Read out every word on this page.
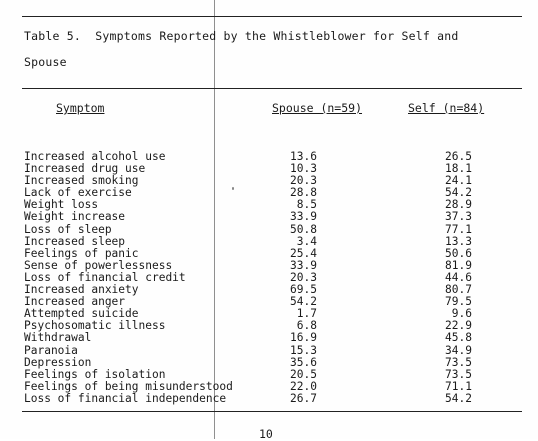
Table 5.  Symptoms Reported by the Whistleblower for Self and
Spouse
Symptom	Spouse (n=59)	Self (n=84)
Increased alcohol use	13.6	26.5
Increased drug use	10.3	18.1
Increased smoking	20.3	24.1
Lack of exercise	28.8	54.2
Weight loss	8.5	28.9
Weight increase	33.9	37.3
Loss of sleep	50.8	77.1
Increased sleep	3.4	13.3
Feelings of panic	25.4	50.6
Sense of powerlessness	33.9	81.9
Loss of financial credit	20.3	44.6
Increased anxiety	69.5	80.7
Increased anger	54.2	79.5
Attempted suicide	1.7	9.6
Psychosomatic illness	6.8	22.9
Withdrawal	16.9	45.8
Paranoia	15.3	34.9
Depression	35.6	73.5
Feelings of isolation	20.5	73.5
Feelings of being misunderstood	22.0	71.1
Loss of financial independence	26.7	54.2
10
